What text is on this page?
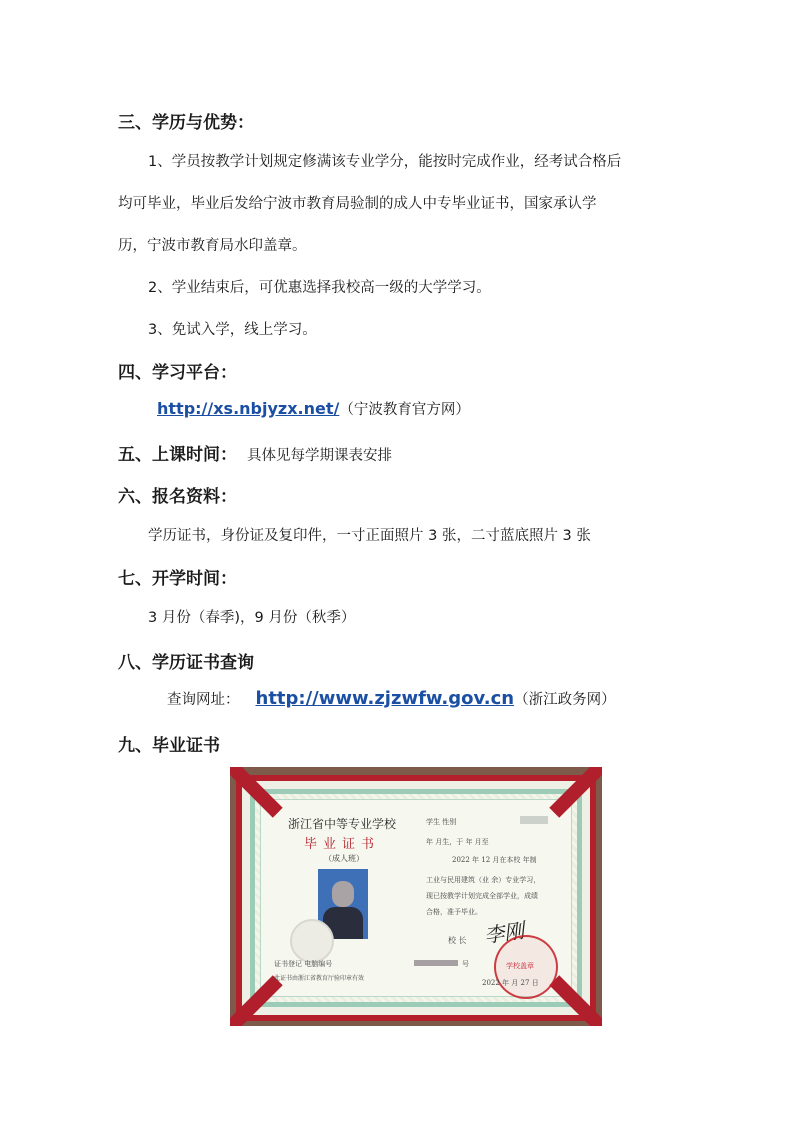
三、学历与优势：
1、学员按教学计划规定修满该专业学分，能按时完成作业，经考试合格后
均可毕业，毕业后发给宁波市教育局验制的成人中专毕业证书，国家承认学
历，宁波市教育局水印盖章。
2、学业结束后，可优惠选择我校高一级的大学学习。
3、免试入学，线上学习。
四、学习平台：
http://xs.nbjyzx.net/（宁波教育官方网）
五、上课时间： 具体见每学期课表安排
六、报名资料：
学历证书，身份证及复印件，一寸正面照片 3 张，二寸蓝底照片 3 张
七、开学时间：
3 月份（春季)，9 月份（秋季）
八、学历证书查询
查询网址： http://www.zjzwfw.gov.cn（浙江政务网）
九、毕业证书
浙江省中等专业学校
毕业证书
（成人班）
学生 性别
年 月生，于 年 月至
2022 年 12 月在本校 年制
工业与民用建筑（业 余）专业学习，
现已按教学计划完成全部学业，成绩
合格，准予毕业。
校 长 李刚
学校盖章
2022 年 月 27 日
证书登记 电脑编号	号
此证书由浙江省教育厅验印章有效
